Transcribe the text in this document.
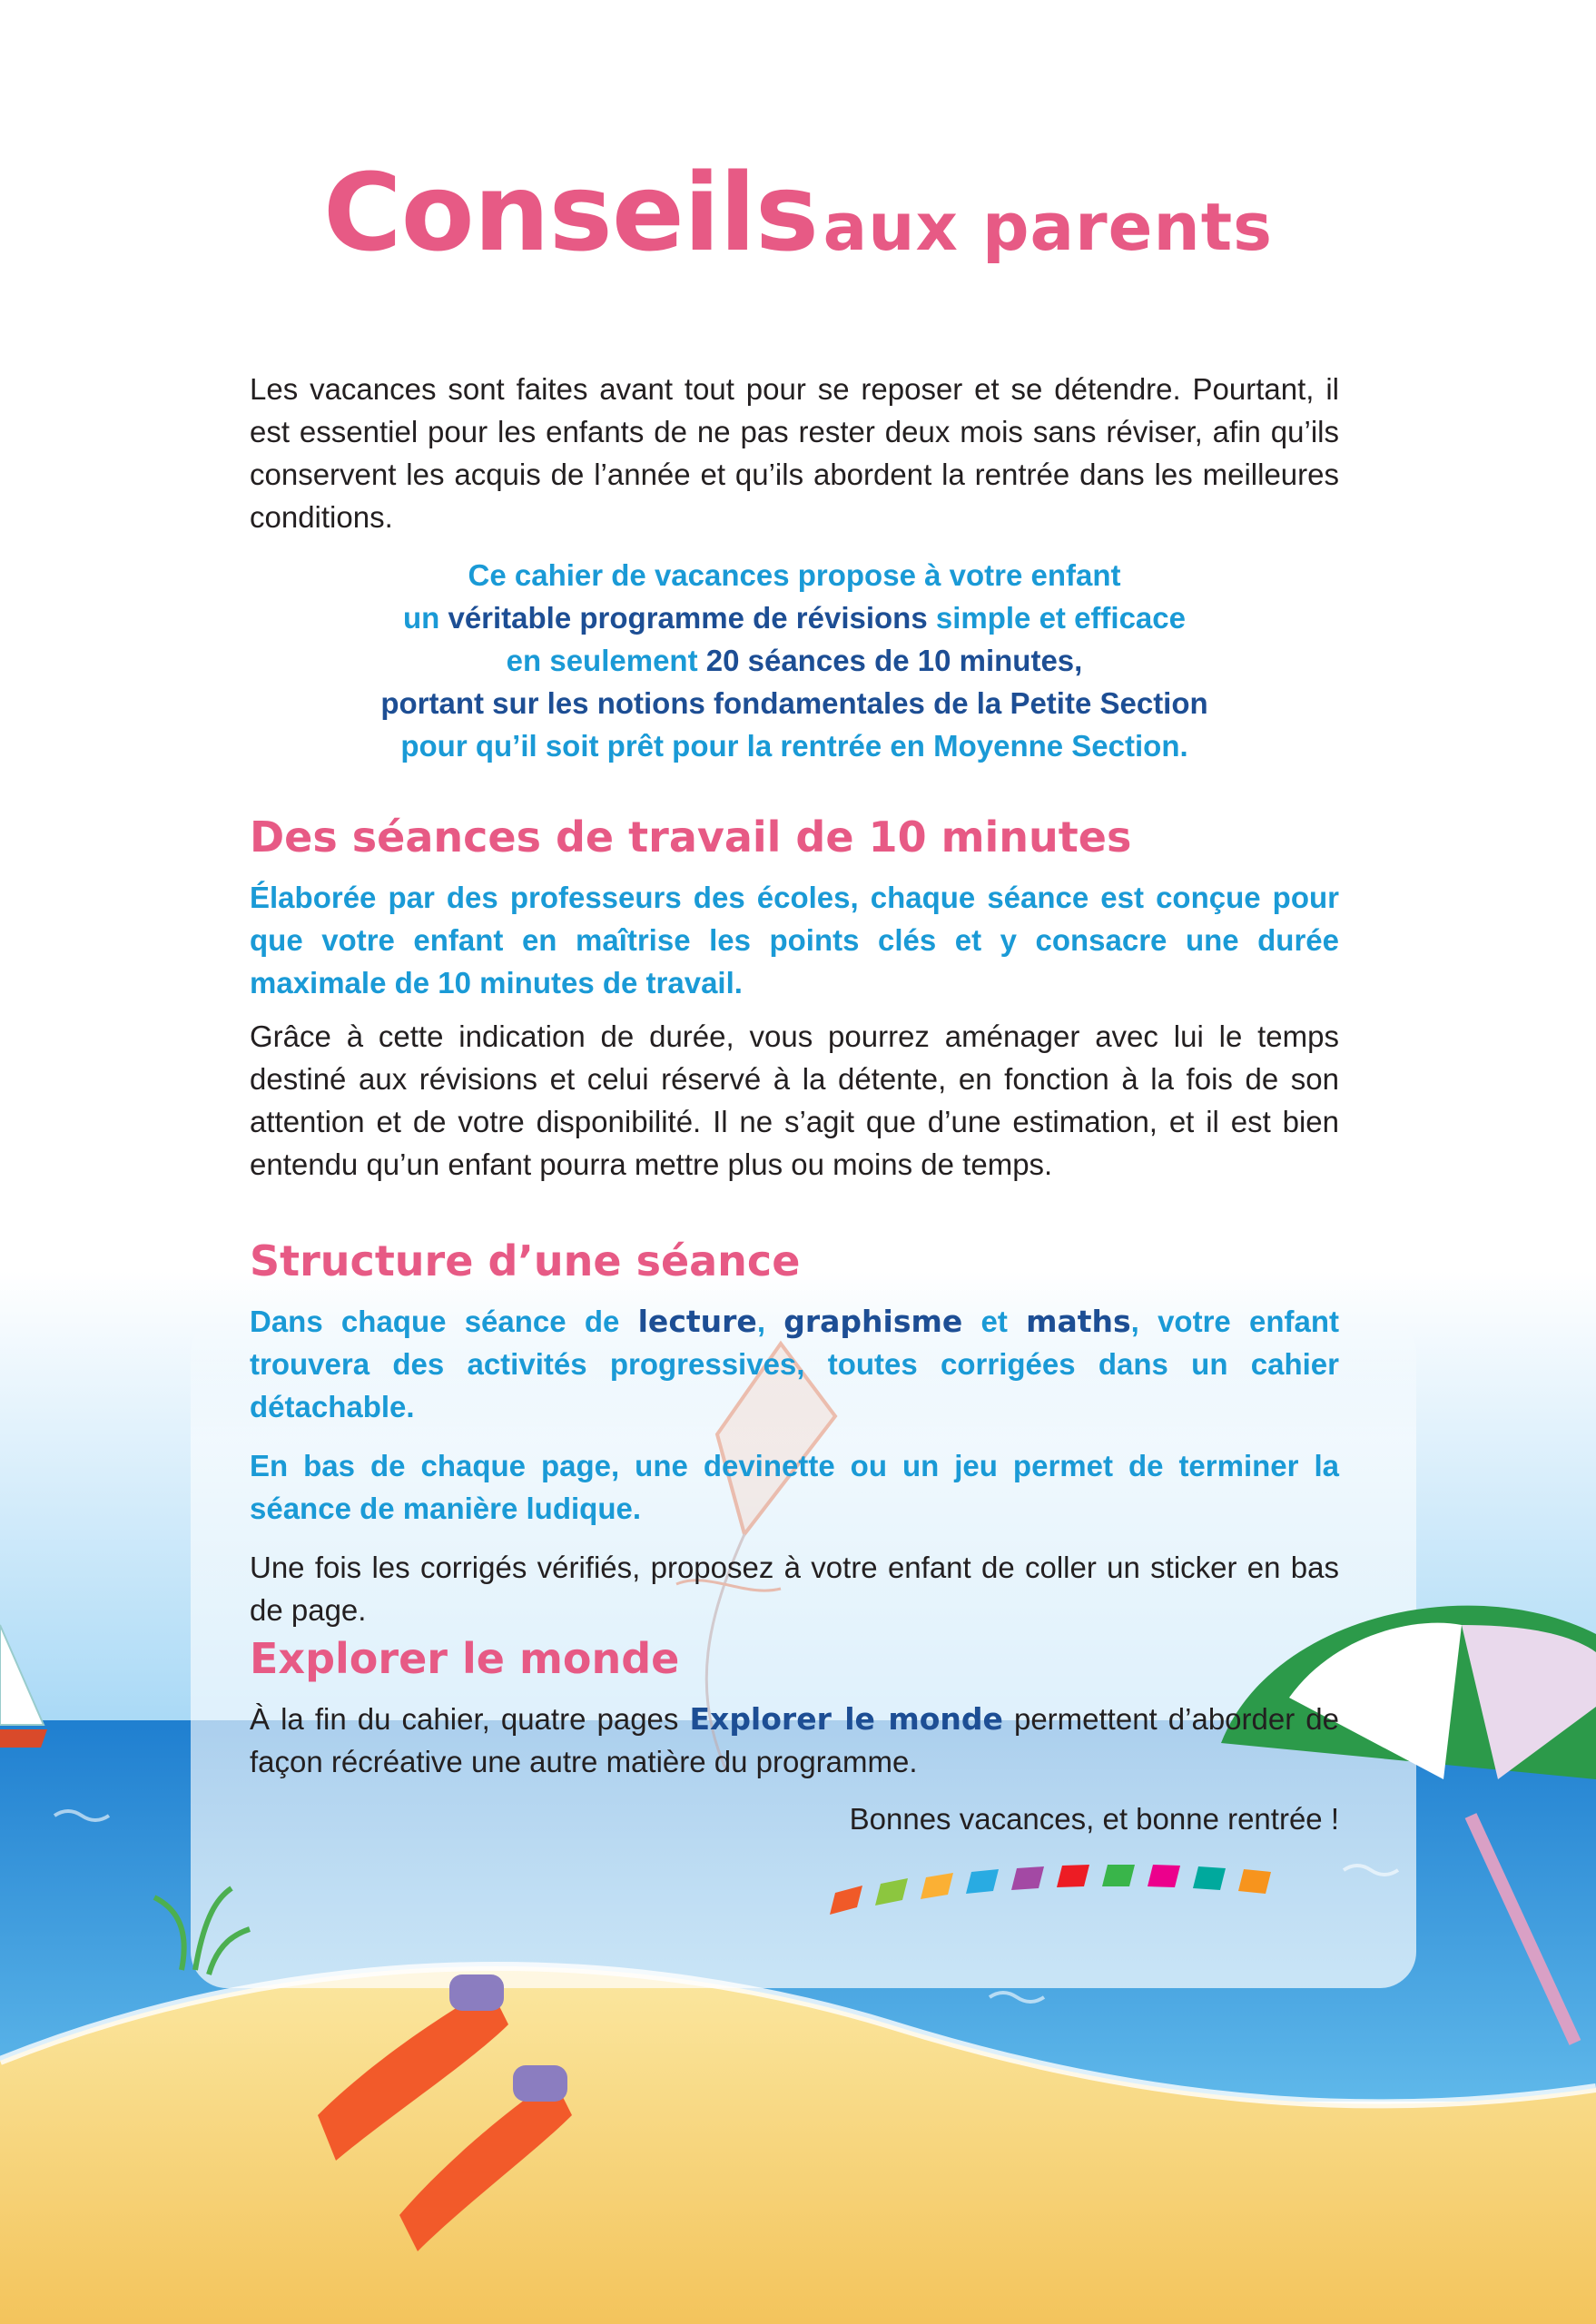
Conseils aux parents

Les vacances sont faites avant tout pour se reposer et se détendre. Pourtant, il est essentiel pour les enfants de ne pas rester deux mois sans réviser, afin qu’ils conservent les acquis de l’année et qu’ils abordent la rentrée dans les meilleures conditions.

Ce cahier de vacances propose à votre enfant
un véritable programme de révisions simple et efficace
en seulement 20 séances de 10 minutes,
portant sur les notions fondamentales de la Petite Section
pour qu’il soit prêt pour la rentrée en Moyenne Section.
Des séances de travail de 10 minutes

Élaborée par des professeurs des écoles, chaque séance est conçue pour que votre enfant en maîtrise les points clés et y consacre une durée maximale de 10 minutes de travail.

Grâce à cette indication de durée, vous pourrez aménager avec lui le temps destiné aux révisions et celui réservé à la détente, en fonction à la fois de son attention et de votre disponibilité. Il ne s’agit que d’une estimation, et il est bien entendu qu’un enfant pourra mettre plus ou moins de temps.

Structure d’une séance

Dans chaque séance de lecture, graphisme et maths, votre enfant trouvera des activités progressives, toutes corrigées dans un cahier détachable.

En bas de chaque page, une devinette ou un jeu permet de terminer la séance de manière ludique.

Une fois les corrigés vérifiés, proposez à votre enfant de coller un sticker en bas de page.

Explorer le monde

À la fin du cahier, quatre pages Explorer le monde permettent d’aborder de façon récréative une autre matière du programme.

Bonnes vacances, et bonne rentrée !
